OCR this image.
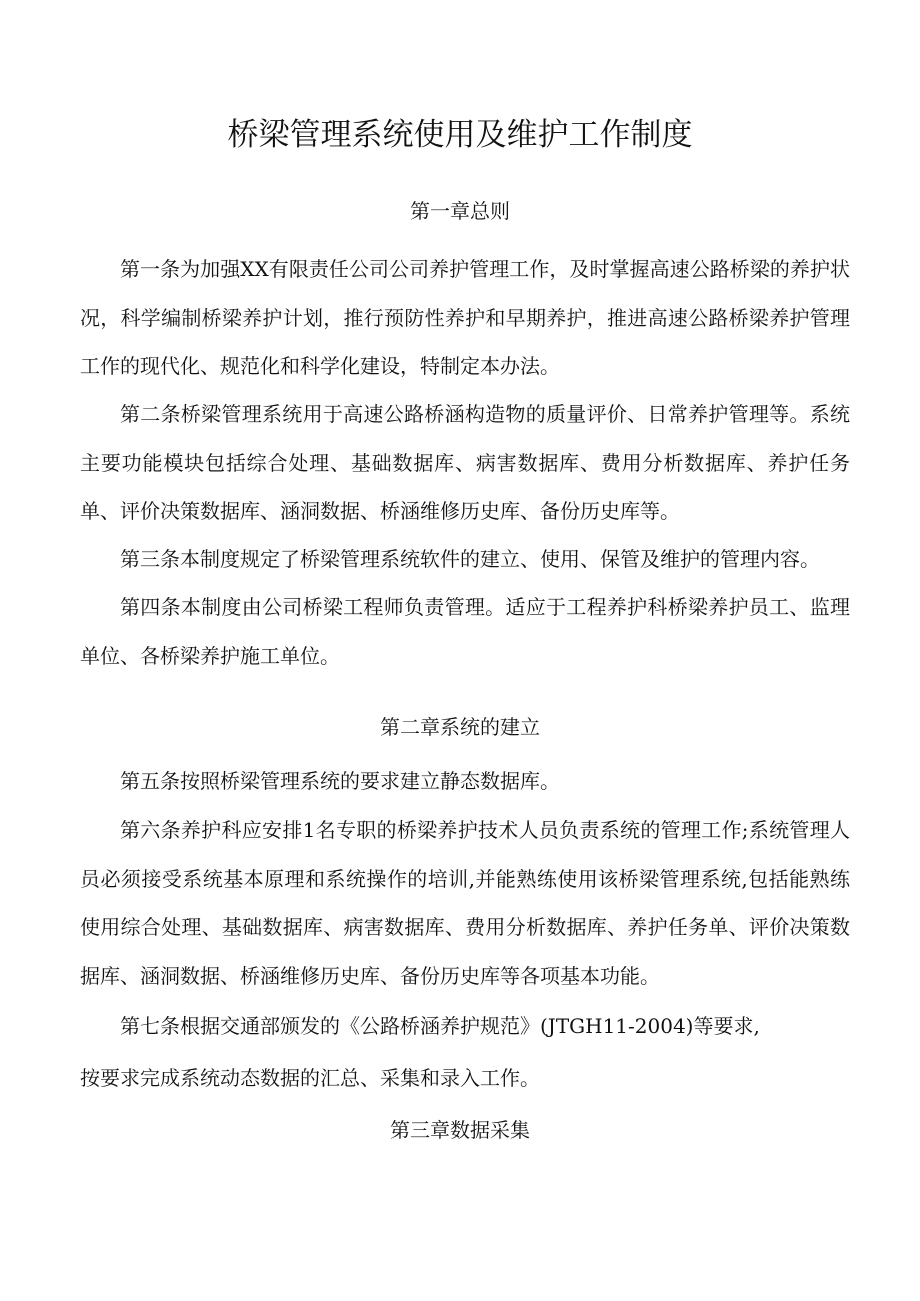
桥梁管理系统使用及维护工作制度
第一章总则

第一条为加强XX有限责任公司公司养护管理工作，及时掌握高速公路桥梁的养护状况，科学编制桥梁养护计划，推行预防性养护和早期养护，推进高速公路桥梁养护管理工作的现代化、规范化和科学化建设，特制定本办法。

第二条桥梁管理系统用于高速公路桥涵构造物的质量评价、日常养护管理等。系统主要功能模块包括综合处理、基础数据库、病害数据库、费用分析数据库、养护任务单、评价决策数据库、涵洞数据、桥涵维修历史库、备份历史库等。

第三条本制度规定了桥梁管理系统软件的建立、使用、保管及维护的管理内容。

第四条本制度由公司桥梁工程师负责管理。适应于工程养护科桥梁养护员工、监理单位、各桥梁养护施工单位。

第二章系统的建立

第五条按照桥梁管理系统的要求建立静态数据库。

第六条养护科应安排1名专职的桥梁养护技术人员负责系统的管理工作;系统管理人员必须接受系统基本原理和系统操作的培训,并能熟练使用该桥梁管理系统,包括能熟练使用综合处理、基础数据库、病害数据库、费用分析数据库、养护任务单、评价决策数据库、涵洞数据、桥涵维修历史库、备份历史库等各项基本功能。

第七条根据交通部颁发的《公路桥涵养护规范》(JTGH11-2004)等要求,
按要求完成系统动态数据的汇总、采集和录入工作。
第三章数据采集
